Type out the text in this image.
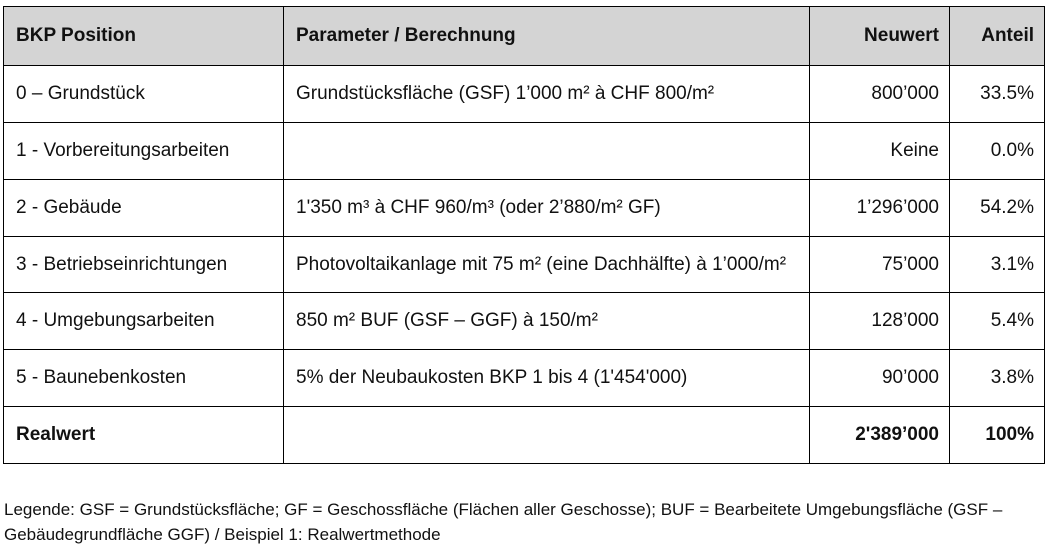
BKP Position	Parameter / Berechnung	Neuwert	Anteil
0 – Grundstück	Grundstücksfläche (GSF) 1’000 m² à CHF 800/m²	800’000	33.5%
1 - Vorbereitungsarbeiten		Keine	0.0%
2 - Gebäude	1'350 m³ à CHF 960/m³ (oder 2’880/m² GF)	1’296’000	54.2%
3 - Betriebseinrichtungen	Photovoltaikanlage mit 75 m² (eine Dachhälfte) à 1’000/m²	75’000	3.1%
4 - Umgebungsarbeiten	850 m² BUF (GSF – GGF) à 150/m²	128’000	5.4%
5 - Baunebenkosten	5% der Neubaukosten BKP 1 bis 4 (1'454'000)	90’000	3.8%
Realwert		2'389’000	100%
Legende: GSF = Grundstücksfläche; GF = Geschossfläche (Flächen aller Geschosse); BUF = Bearbeitete Umgebungsfläche (GSF – Gebäudegrundfläche GGF) / Beispiel 1: Realwertmethode
